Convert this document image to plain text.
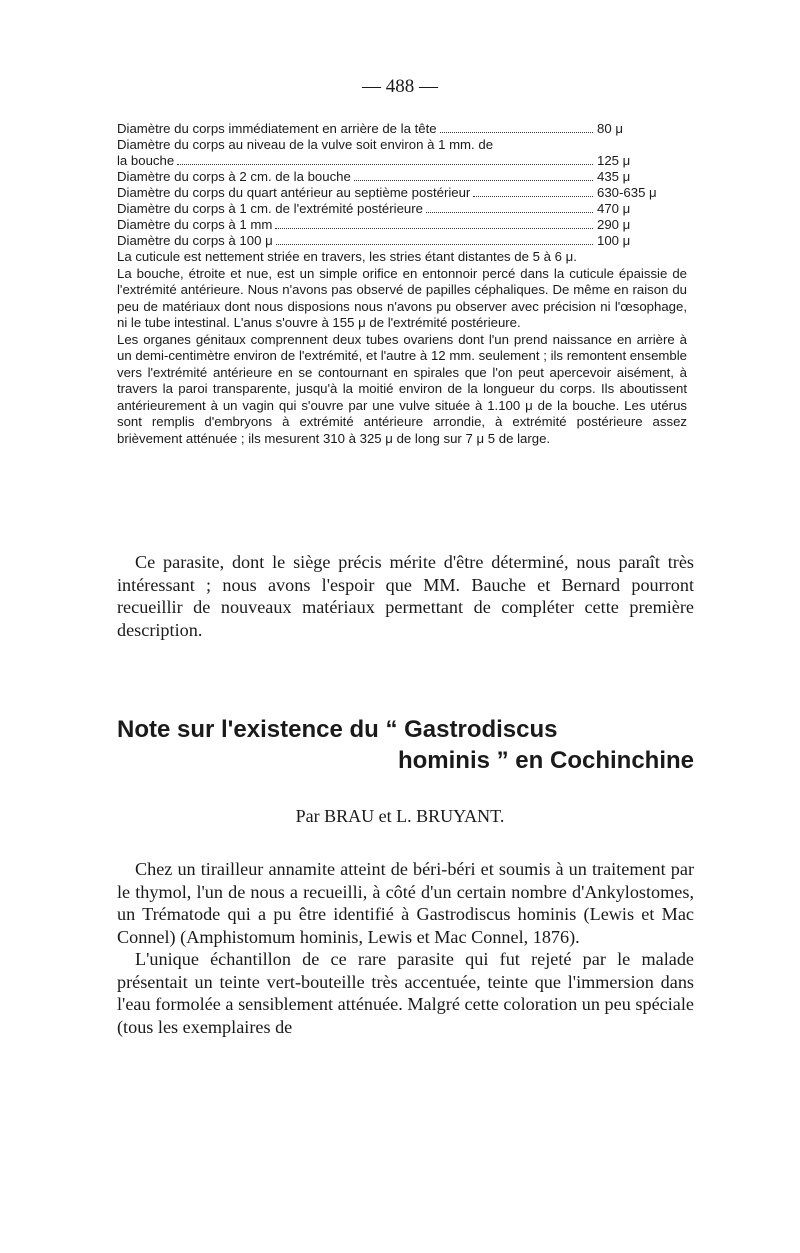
— 488 —
Diamètre du corps immédiatement en arrière de la tête	80 μ
Diamètre du corps au niveau de la vulve soit environ à 1 mm. de
la bouche	125 μ
Diamètre du corps à 2 cm. de la bouche	435 μ
Diamètre du corps du quart antérieur au septième postérieur	630-635 μ
Diamètre du corps à 1 cm. de l'extrémité postérieure	470 μ
Diamètre du corps à 1 mm	290 μ
Diamètre du corps à 100 μ	100 μ

La cuticule est nettement striée en travers, les stries étant distantes de 5 à 6 μ.

La bouche, étroite et nue, est un simple orifice en entonnoir percé dans la cuticule épaissie de l'extrémité antérieure. Nous n'avons pas observé de papilles céphaliques. De même en raison du peu de matériaux dont nous disposions nous n'avons pu observer avec précision ni l'œsophage, ni le tube intestinal. L'anus s'ouvre à 155 μ de l'extrémité postérieure.

Les organes génitaux comprennent deux tubes ovariens dont l'un prend naissance en arrière à un demi-centimètre environ de l'extrémité, et l'autre à 12 mm. seulement ; ils remontent ensemble vers l'extrémité antérieure en se contournant en spirales que l'on peut apercevoir aisément, à travers la paroi transparente, jusqu'à la moitié environ de la longueur du corps. Ils aboutissent antérieurement à un vagin qui s'ouvre par une vulve située à 1.100 μ de la bouche. Les utérus sont remplis d'embryons à extrémité antérieure arrondie, à extrémité postérieure assez brièvement atténuée ; ils mesurent 310 à 325 μ de long sur 7 μ 5 de large.

Ce parasite, dont le siège précis mérite d'être déterminé, nous paraît très intéressant ; nous avons l'espoir que MM. Bauche et Bernard pourront recueillir de nouveaux matériaux permettant de compléter cette première description.

Note sur l'existence du “ Gastrodiscus
hominis ” en Cochinchine
Par BRAU et L. BRUYANT.

Chez un tirailleur annamite atteint de béri-béri et soumis à un traitement par le thymol, l'un de nous a recueilli, à côté d'un certain nombre d'Ankylostomes, un Trématode qui a pu être identifié à Gastrodiscus hominis (Lewis et Mac Connel) (Amphistomum hominis, Lewis et Mac Connel, 1876).

L'unique échantillon de ce rare parasite qui fut rejeté par le malade présentait un teinte vert-bouteille très accentuée, teinte que l'immersion dans l'eau formolée a sensiblement atténuée. Malgré cette coloration un peu spéciale (tous les exemplaires de
